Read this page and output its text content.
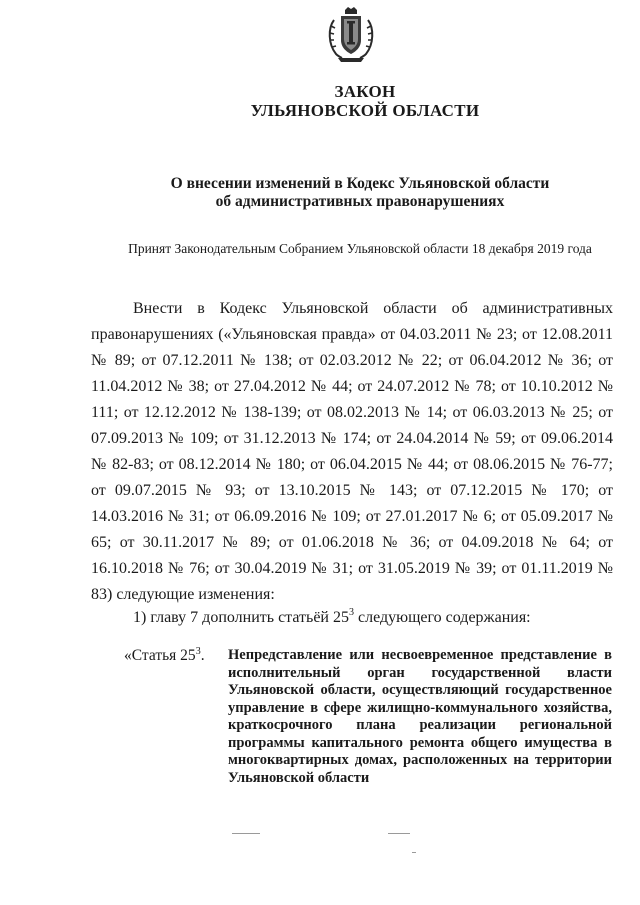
ЗАКОН
УЛЬЯНОВСКОЙ ОБЛАСТИ
О внесении изменений в Кодекс Ульяновской области
об административных правонарушениях
Принят Законодательным Собранием Ульяновской области 18 декабря 2019 года

Внести в Кодекс Ульяновской области об административных правонарушениях («Ульяновская правда» от 04.03.2011 № 23; от 12.08.2011 № 89; от 07.12.2011 № 138; от 02.03.2012 № 22; от 06.04.2012 № 36; от 11.04.2012 № 38; от 27.04.2012 № 44; от 24.07.2012 № 78; от 10.10.2012 № 111; от 12.12.2012 № 138-139; от 08.02.2013 № 14; от 06.03.2013 № 25; от 07.09.2013 № 109; от 31.12.2013 № 174; от 24.04.2014 № 59; от 09.06.2014 № 82-83; от 08.12.2014 № 180; от 06.04.2015 № 44; от 08.06.2015 № 76-77; от 09.07.2015 № 93; от 13.10.2015 № 143; от 07.12.2015 № 170; от 14.03.2016 № 31; от 06.09.2016 № 109; от 27.01.2017 № 6; от 05.09.2017 № 65; от 30.11.2017 № 89; от 01.06.2018 № 36; от 04.09.2018 № 64; от 16.10.2018 № 76; от 30.04.2019 № 31; от 31.05.2019 № 39; от 01.11.2019 № 83) следующие изменения:

1) главу 7 дополнить статьёй $25^3$ следующего содержания:

«Статья $25^3$. Непредставление или несвоевременное представление в исполнительный орган государственной власти Ульяновской области, осуществляющий государственное управление в сфере жилищно-коммунального хозяйства, краткосрочного плана реализации региональной программы капитального ремонта общего имущества в многоквартирных домах, расположенных на территории Ульяновской области
